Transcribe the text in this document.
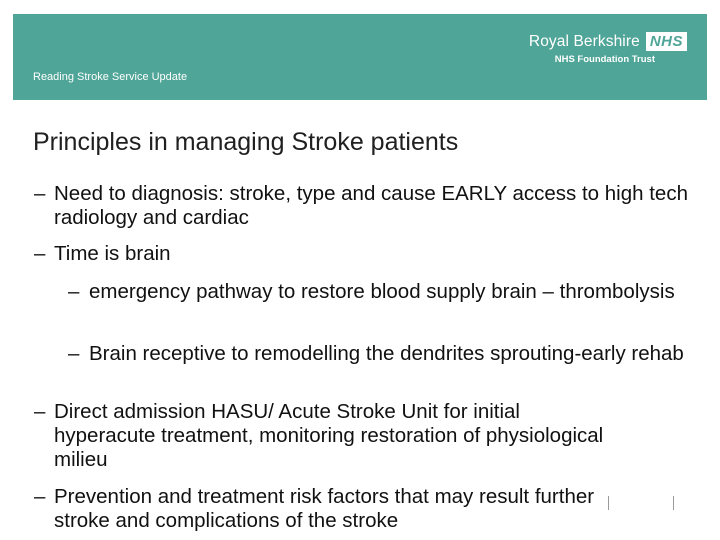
Royal Berkshire NHS
NHS Foundation Trust
Reading Stroke Service Update
Principles in managing Stroke patients
– Need to diagnosis: stroke, type and cause EARLY access to high tech radiology and cardiac
– Time is brain
– emergency pathway to restore blood supply brain – thrombolysis
– Brain receptive to remodelling the dendrites sprouting-early rehab
– Direct admission HASU/ Acute Stroke Unit for initial hyperacute treatment, monitoring restoration of physiological milieu
– Prevention and treatment risk factors that may result further stroke and complications of the stroke
